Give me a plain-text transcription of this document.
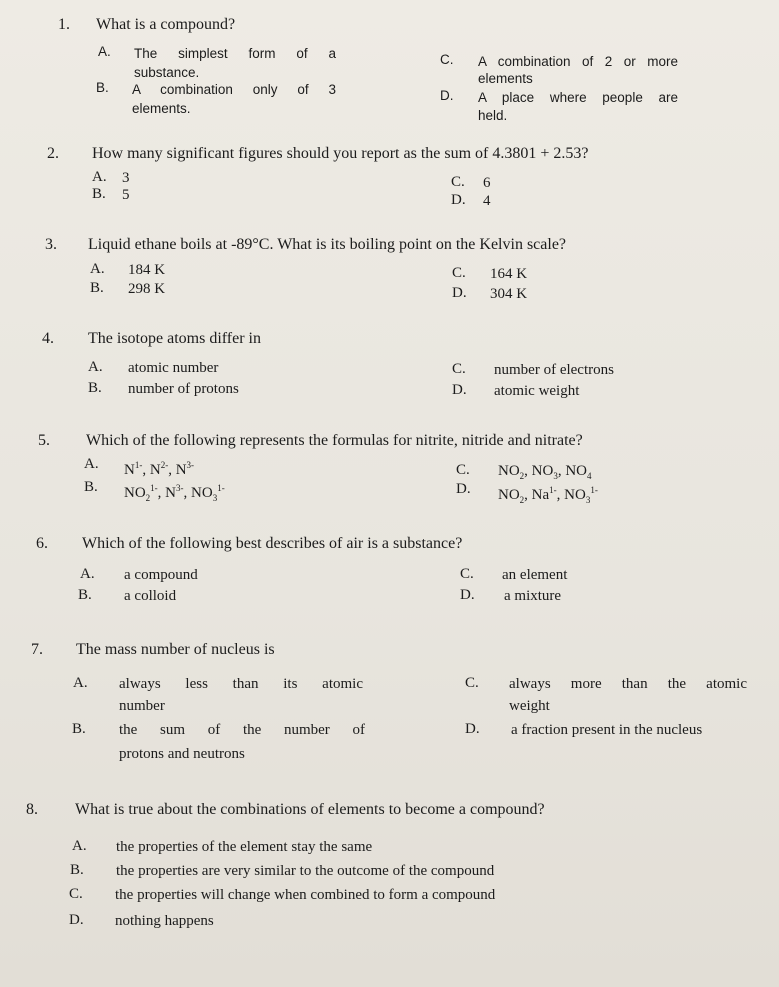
1. What is a compound?
A. The simplest form of a
substance.
B. A combination only of 3
elements.
C. A combination of 2 or more
elements
D. A place where people are
held.
2. How many significant figures should you report as the sum of 4.3801 + 2.53?
A. 3
B. 5
C. 6
D. 4
3. Liquid ethane boils at -89°C. What is its boiling point on the Kelvin scale?
A. 184 K
B. 298 K
C. 164 K
D. 304 K
4. The isotope atoms differ in
A. atomic number
B. number of protons
C. number of electrons
D. atomic weight
5. Which of the following represents the formulas for nitrite, nitride and nitrate?
A. $N^{1-}$, $N^{2-}$, $N^{3-}$
B. $NO_2^{1-}$, $N^{3-}$, $NO_3^{1-}$
C. $NO_2$, $NO_3$, $NO_4$
D. $NO_2$, $Na^{1-}$, $NO_3^{1-}$
6. Which of the following best describes of air is a substance?
A. a compound
B. a colloid
C. an element
D. a mixture
7. The mass number of nucleus is
A. always less than its atomic
number
B. the sum of the number of
protons and neutrons
C. always more than the atomic
weight
D. a fraction present in the nucleus
8. What is true about the combinations of elements to become a compound?
A. the properties of the element stay the same
B. the properties are very similar to the outcome of the compound
C. the properties will change when combined to form a compound
D. nothing happens
